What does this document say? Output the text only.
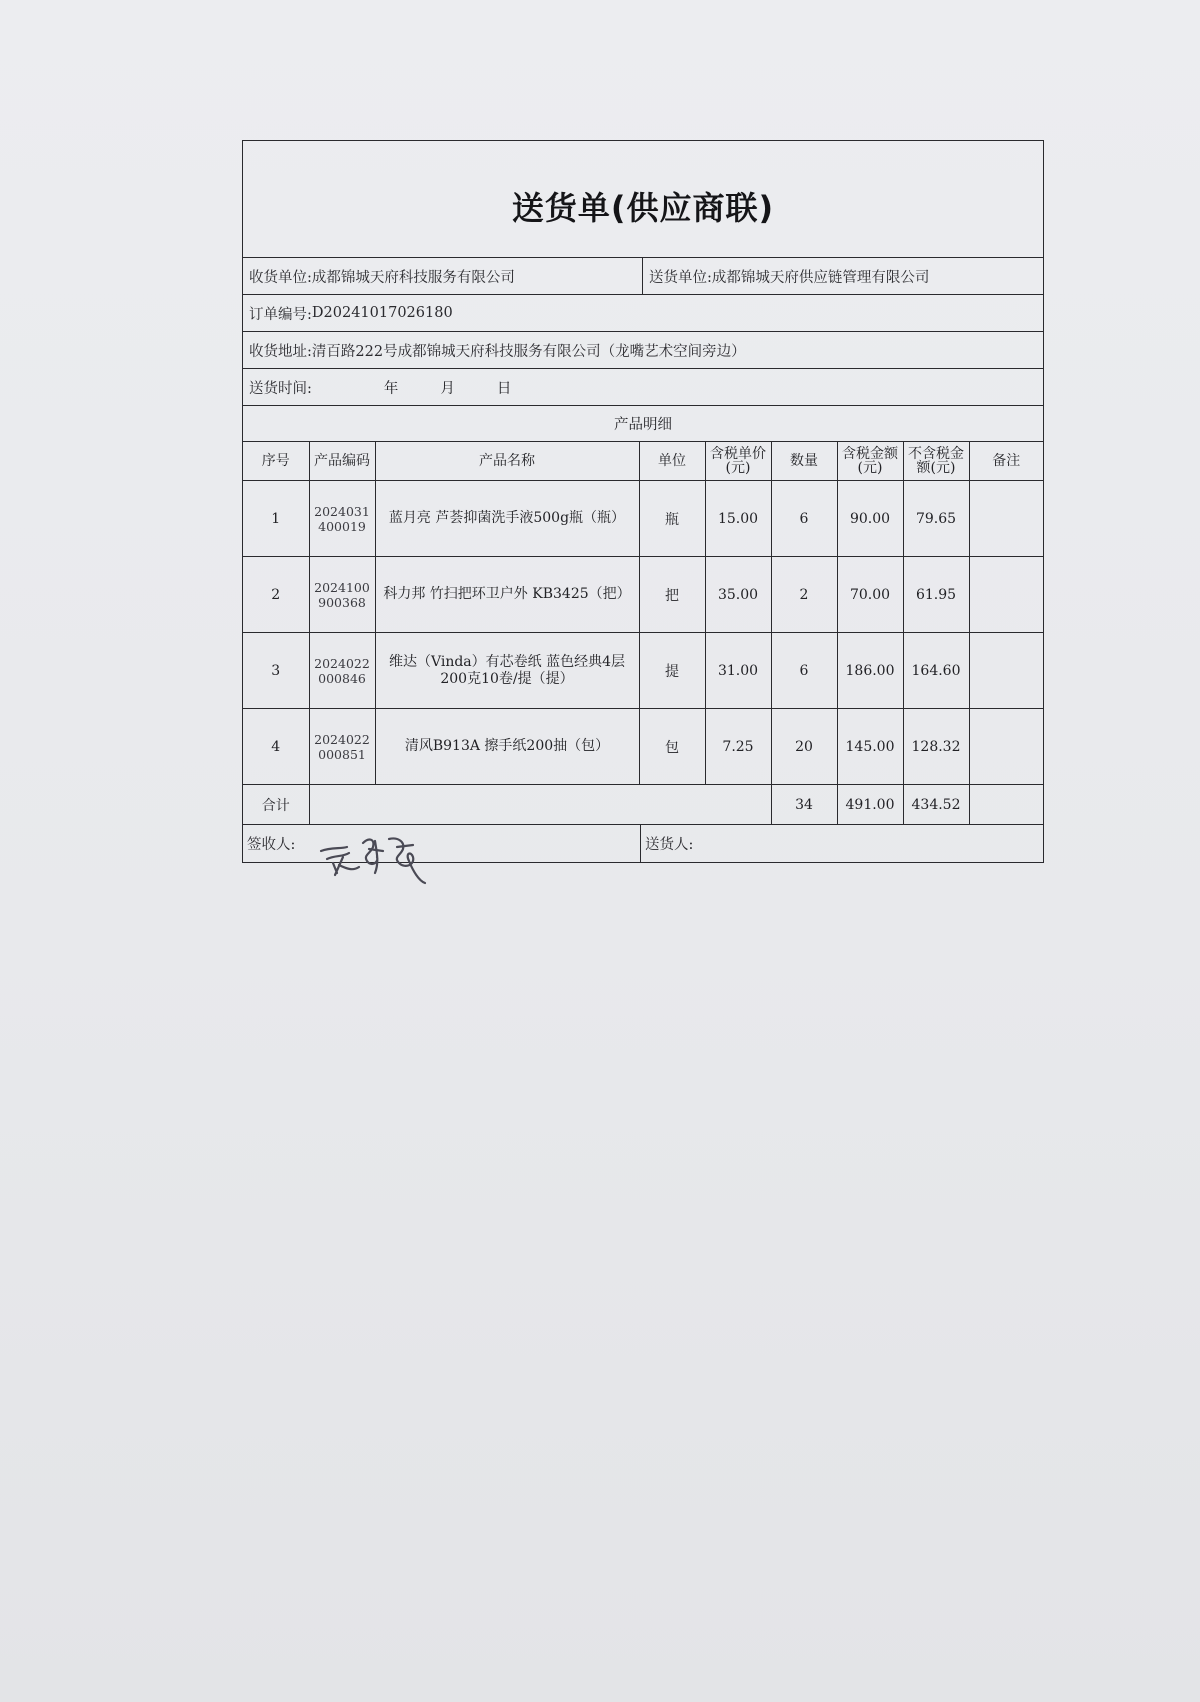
送货单(供应商联)
收货单位: 成都锦城天府科技服务有限公司	送货单位: 成都锦城天府供应链管理有限公司
订单编号: D20241017026180
收货地址: 清百路222号成都锦城天府科技服务有限公司（龙嘴艺术空间旁边）
送货时间:	年	月	日
产品明细
序号	产品编码	产品名称	单位	含税单价(元)	数量	含税金额(元)	不含税金额(元)	备注
1	2024031400019	蓝月亮 芦荟抑菌洗手液500g瓶（瓶）	瓶	15.00	6	90.00	79.65	
2	2024100900368	科力邦 竹扫把环卫户外 KB3425（把）	把	35.00	2	70.00	61.95	
3	2024022000846	维达（Vinda）有芯卷纸 蓝色经典4层200克10卷/提（提）	提	31.00	6	186.00	164.60	
4	2024022000851	清风B913A 擦手纸200抽（包）	包	7.25	20	145.00	128.32	
合计					34	491.00	434.52	
签收人:	送货人:
